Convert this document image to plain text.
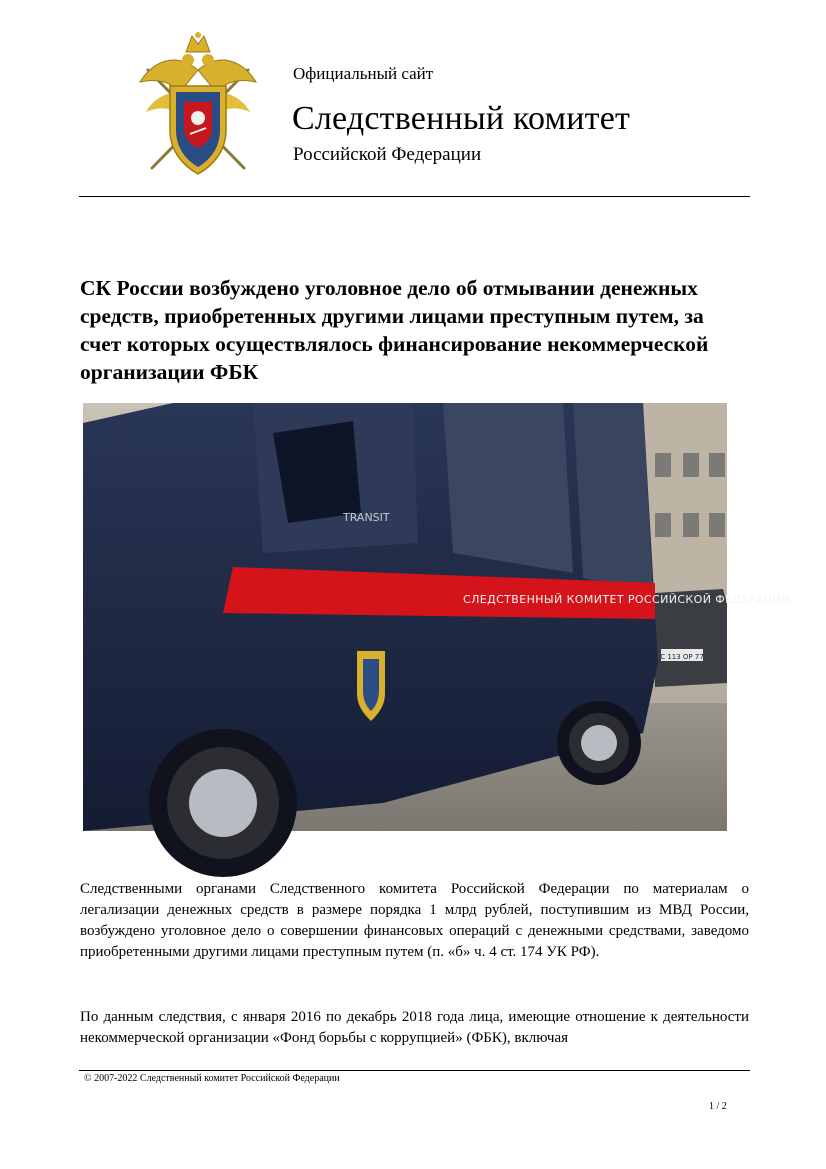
Официальный сайт
Следственный комитет
Российской Федерации
СК России возбуждено уголовное дело об отмывании денежных средств, приобретенных другими лицами преступным путем, за счет которых осуществлялось финансирование некоммерческой организации ФБК
С 113 ОР 77
TRANSIT
СЛЕДСТВЕННЫЙ КОМИТЕТ РОССИЙСКОЙ ФЕДЕРАЦИИ

Следственными органами Следственного комитета Российской Федерации по материалам о легализации денежных средств в размере порядка 1 млрд рублей, поступившим из МВД России, возбуждено уголовное дело о совершении финансовых операций с денежными средствами, заведомо приобретенными другими лицами преступным путем (п. «б» ч. 4 ст. 174 УК РФ).

По данным следствия, с января 2016 по декабрь 2018 года лица, имеющие отношение к деятельности некоммерческой организации «Фонд борьбы с коррупцией» (ФБК), включая

© 2007-2022 Следственный комитет Российской Федерации
1 / 2
